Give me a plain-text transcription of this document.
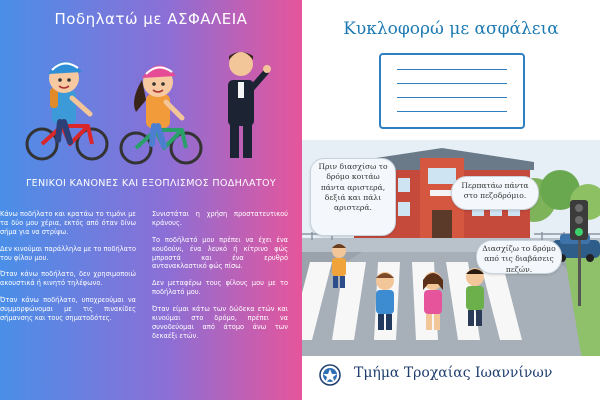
Ποδηλατώ με ΑΣΦΑΛΕΙΑ
ΓΕΝΙΚΟΙ ΚΑΝΟΝΕΣ ΚΑΙ ΕΞΟΠΛΙΣΜΟΣ ΠΟΔΗΛΑΤΟΥ

Κάνω ποδήλατο και κρατάω το τιμόνι με τα δύο μου χέρια, εκτός από όταν δίνω σήμα για να στρίψω.

Δεν κινούμαι παράλληλα με το ποδήλατο του φίλου μου.

Όταν κάνω ποδήλατο, δεν χρησιμοποιώ ακουστικά ή κινητό τηλέφωνο.

Όταν κάνω ποδήλατο, υποχρεούμαι να συμμορφώνομαι με τις πινακίδες σήμανσης και τους σηματοδότες.

Συνιστάται η χρήση προστατευτικού κράνους.

Το ποδήλατό μου πρέπει να έχει ένα κουδούνι, ένα λευκό ή κίτρινο φώς μπροστά και ένα ερυθρό αντανακλαστικό φώς πίσω.

Δεν μεταφέρω τους φίλους μου με το ποδήλατό μου.

Όταν είμαι κάτω των δώδεκα ετών και κινούμαι στο δρόμο, πρέπει να συνοδεύομαι από άτομο άνω των δεκαέξι ετών.

Κυκλοφορώ με ασφάλεια
Πριν διασχίσω το δρόμο κοιτάω πάντα αριστερά, δεξιά και πάλι αριστερά.
Περπατάω πάντα στο πεζοδρόμιο.
Διασχίζω το δρόμο από τις διαβάσεις πεζών.
Τμήμα Τροχαίας Ιωαννίνων
